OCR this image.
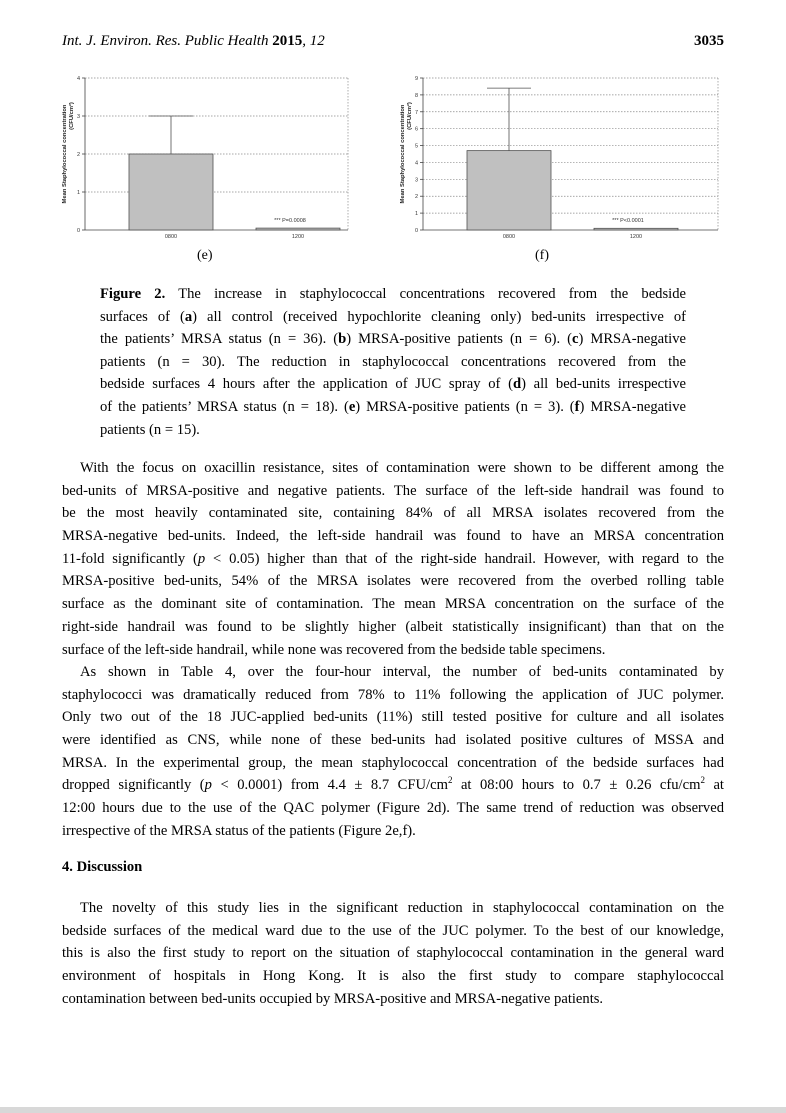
Int. J. Environ. Res. Public Health 2015, 12	3035
0
1
2
3
4
0800	1200
*** P=0.0008
Mean Staphylococcal concentration (CFU/cm²)
0
1
2
3
4
5
6
7
8
9
0800	1200
*** P<0.0001
Mean Staphylococcal concentration (CFU/cm²)
(e)	(f)
Figure 2. The increase in staphylococcal concentrations recovered from the bedside
surfaces of (a) all control (received hypochlorite cleaning only) bed-units irrespective of
the patients’ MRSA status (n = 36). (b) MRSA-positive patients (n = 6). (c) MRSA-negative
patients (n = 30). The reduction in staphylococcal concentrations recovered from the
bedside surfaces 4 hours after the application of JUC spray of (d) all bed-units irrespective
of the patients’ MRSA status (n = 18). (e) MRSA-positive patients (n = 3). (f) MRSA-negative
patients (n = 15).
With the focus on oxacillin resistance, sites of contamination were shown to be different among the
bed-units of MRSA-positive and negative patients. The surface of the left-side handrail was found to
be the most heavily contaminated site, containing 84% of all MRSA isolates recovered from the
MRSA-negative bed-units. Indeed, the left-side handrail was found to have an MRSA concentration
11-fold significantly (p < 0.05) higher than that of the right-side handrail. However, with regard to the
MRSA-positive bed-units, 54% of the MRSA isolates were recovered from the overbed rolling table
surface as the dominant site of contamination. The mean MRSA concentration on the surface of the
right-side handrail was found to be slightly higher (albeit statistically insignificant) than that on the
surface of the left-side handrail, while none was recovered from the bedside table specimens.
As shown in Table 4, over the four-hour interval, the number of bed-units contaminated by
staphylococci was dramatically reduced from 78% to 11% following the application of JUC polymer.
Only two out of the 18 JUC-applied bed-units (11%) still tested positive for culture and all isolates
were identified as CNS, while none of these bed-units had isolated positive cultures of MSSA and
MRSA. In the experimental group, the mean staphylococcal concentration of the bedside surfaces had
dropped significantly (p < 0.0001) from 4.4 ± 8.7 CFU/$cm^2$ at 08:00 hours to 0.7 ± 0.26 cfu/$cm^2$ at
12:00 hours due to the use of the QAC polymer (Figure 2d). The same trend of reduction was observed
irrespective of the MRSA status of the patients (Figure 2e,f).
4. Discussion
The novelty of this study lies in the significant reduction in staphylococcal contamination on the
bedside surfaces of the medical ward due to the use of the JUC polymer. To the best of our knowledge,
this is also the first study to report on the situation of staphylococcal contamination in the general ward
environment of hospitals in Hong Kong. It is also the first study to compare staphylococcal
contamination between bed-units occupied by MRSA-positive and MRSA-negative patients.
